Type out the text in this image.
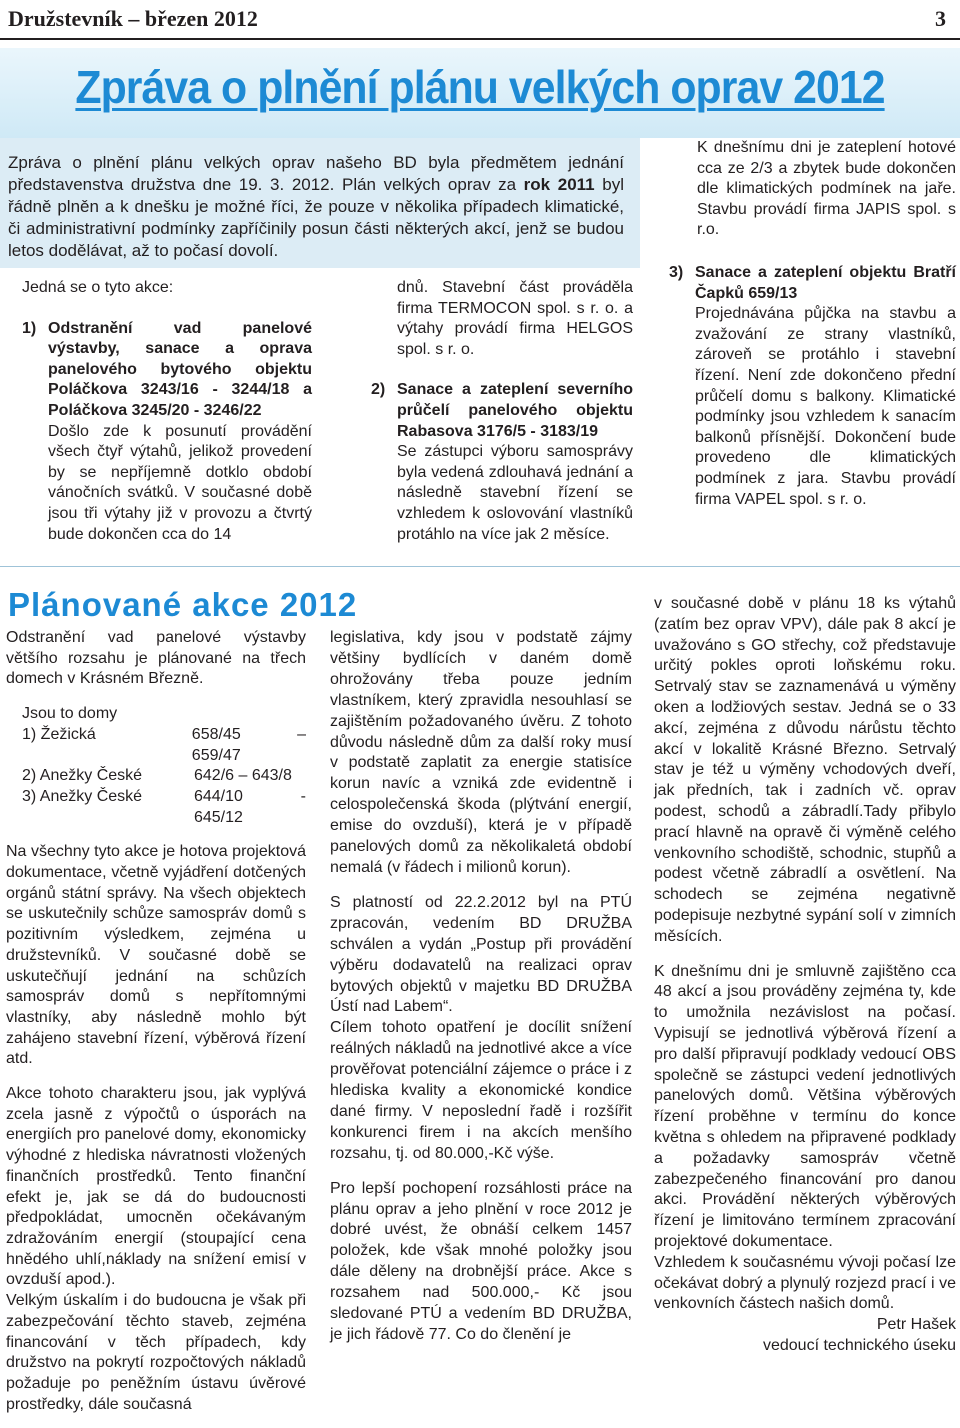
Družstevník – březen 2012	3
Zpráva o plnění plánu velkých oprav 2012

Zpráva o plnění plánu velkých oprav našeho BD byla předmětem jednání představenstva družstva dne 19. 3. 2012. Plán velkých oprav za rok 2011 byl řádně plněn a k dnešku je možné říci, že pouze v několika případech klimatické, či administrativní podmínky zapříčinily posun části některých akcí, jenž se budou letos dodělávat, až to počasí dovolí.

K dnešnímu dni je zateplení hotové cca ze 2/3 a zbytek bude dokončen dle klimatických podmínek na jaře. Stavbu provádí firma JAPIS spol. s r.o.

Jedná se o tyto akce:

1) Odstranění vad panelové výstavby, sanace a oprava panelového bytového objektu Poláčkova 3243/16 - 3244/18 a Poláčkova 3245/20 - 3246/22

Došlo zde k posunutí provádění všech čtyř výtahů, jelikož provedení by se nepříjemně dotklo období vánočních svátků. V současné době jsou tři výtahy již v provozu a čtvrtý bude dokončen cca do 14

dnů. Stavební část prováděla firma TERMOCON spol. s r. o. a výtahy provádí firma HELGOS spol. s r. o.

2) Sanace a zateplení severního průčelí panelového objektu Rabasova 3176/5 - 3183/19

Se zástupci výboru samosprávy byla vedená zdlouhavá jednání a následně stavební řízení se vzhledem k oslovování vlastníků protáhlo na více jak 2 měsíce.

3) Sanace a zateplení objektu Bratří Čapků 659/13

Projednávána půjčka na stavbu a zvažování ze strany vlastníků, zároveň se protáhlo i stavební řízení. Není zde dokončeno přední průčelí domu s balkony. Klimatické podmínky jsou vzhledem k sanacím balkonů přísnější. Dokončení bude provedeno dle klimatických podmínek z jara. Stavbu provádí firma VAPEL spol. s r. o.

Plánované akce 2012

Odstranění vad panelové výstavby většího rozsahu je plánované na třech domech v Krásném Březně.

Jsou to domy

1) Žežická	658/45 – 659/47
2) Anežky České	642/6 – 643/8
3) Anežky České	644/10 - 645/12

Na všechny tyto akce je hotova projektová dokumentace, včetně vyjádření dotčených orgánů státní správy. Na všech objektech se uskutečnily schůze samospráv domů s pozitivním výsledkem, zejména u družstevníků. V současné době se uskutečňují jednání na schůzích samospráv domů s nepřítomnými vlastníky, aby následně mohlo být zahájeno stavební řízení, výběrová řízení atd.

Akce tohoto charakteru jsou, jak vyplývá zcela jasně z výpočtů o úsporách na energiích pro panelové domy, ekonomicky výhodné z hlediska návratnosti vložených finančních prostředků. Tento finanční efekt je, jak se dá do budoucnosti předpokládat, umocněn očekávaným zdražováním energií (stoupající cena hnědého uhlí,náklady na snížení emisí v ovzduší apod.).

Velkým úskalím i do budoucna je však při zabezpečování těchto staveb, zejména financování v těch případech, kdy družstvo na pokrytí rozpočtových nákladů požaduje po peněžním ústavu úvěrové prostředky, dále současná

legislativa, kdy jsou v podstatě zájmy většiny bydlících v daném domě ohrožovány třeba pouze jedním vlastníkem, který zpravidla nesouhlasí se zajištěním požadovaného úvěru. Z tohoto důvodu následně dům za další roky musí v podstatě zaplatit za energie statisíce korun navíc a vzniká zde evidentně i celospolečenská škoda (plýtvání energií, emise do ovzduší), která je v případě panelových domů za několikaletá období nemalá (v řádech i milionů korun).

S platností od 22.2.2012 byl na PTÚ zpracován, vedením BD DRUŽBA schválen a vydán „Postup při provádění výběru dodavatelů na realizaci oprav bytových objektů v majetku BD DRUŽBA Ústí nad Labem“.

Cílem tohoto opatření je docílit snížení reálných nákladů na jednotlivé akce a více prověřovat potenciální zájemce o práce i z hlediska kvality a ekonomické kondice dané firmy. V neposlední řadě i rozšířit konkurenci firem i na akcích menšího rozsahu, tj. od 80.000,-Kč výše.

Pro lepší pochopení rozsáhlosti práce na plánu oprav a jeho plnění v roce 2012 je dobré uvést, že obnáší celkem 1457 položek, kde však mnohé položky jsou dále děleny na drobnější práce. Akce s rozsahem nad 500.000,- Kč jsou sledované PTÚ a vedením BD DRUŽBA, je jich řádově 77. Co do členění je

v současné době v plánu 18 ks výtahů (zatím bez oprav VPV), dále pak 8 akcí je uvažováno s GO střechy, což představuje určitý pokles oproti loňskému roku. Setrvalý stav se zaznamenává u výměny oken a lodžiových sestav. Jedná se o 33 akcí, zejména z důvodu nárůstu těchto akcí v lokalitě Krásné Březno. Setrvalý stav je též u výměny vchodových dveří, jak předních, tak i zadních vč. oprav podest, schodů a zábradlí.Tady přibylo prací hlavně na opravě či výměně celého venkovního schodiště, schodnic, stupňů a podest včetně zábradlí a osvětlení. Na schodech se zejména negativně podepisuje nezbytné sypání solí v zimních měsících.

K dnešnímu dni je smluvně zajištěno cca 48 akcí a jsou prováděny zejména ty, kde to umožnila nezávislost na počasí. Vypisují se jednotlivá výběrová řízení a pro další připravují podklady vedoucí OBS společně se zástupci vedení jednotlivých panelových domů. Většina výběrových řízení proběhne v termínu do konce května s ohledem na připravené podklady a požadavky samospráv včetně zabezpečeného financování pro danou akci. Provádění některých výběrových řízení je limitováno termínem zpracování projektové dokumentace.

Vzhledem k současnému vývoji počasí lze očekávat dobrý a plynulý rozjezd prací i ve venkovních částech našich domů.

Petr Hašek

vedoucí technického úseku
